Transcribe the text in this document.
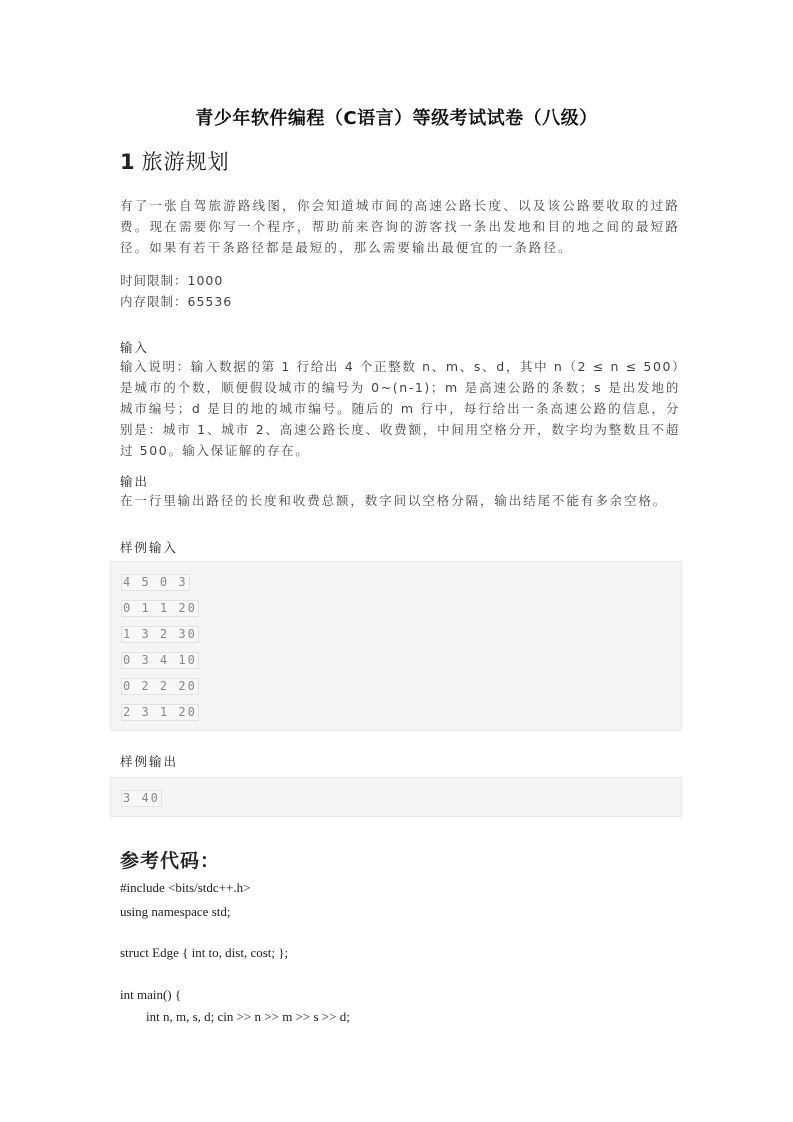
青少年软件编程（C语言）等级考试试卷（八级）
1 旅游规划
有了一张自驾旅游路线图，你会知道城市间的高速公路长度、以及该公路要收取的过路费。现在需要你写一个程序，帮助前来咨询的游客找一条出发地和目的地之间的最短路径。如果有若干条路径都是最短的，那么需要输出最便宜的一条路径。
时间限制：1000
内存限制：65536
输入
输入说明：输入数据的第 1 行给出 4 个正整数 n、m、s、d，其中 n（2 ≤ n ≤ 500）是城市的个数，顺便假设城市的编号为 0~(n-1)；m 是高速公路的条数；s 是出发地的城市编号；d 是目的地的城市编号。随后的 m 行中，每行给出一条高速公路的信息，分别是：城市 1、城市 2、高速公路长度、收费额，中间用空格分开，数字均为整数且不超过 500。输入保证解的存在。
输出
在一行里输出路径的长度和收费总额，数字间以空格分隔，输出结尾不能有多余空格。
样例输入
4 5 0 3
0 1 1 20
1 3 2 30
0 3 4 10
0 2 2 20
2 3 1 20
样例输出
3 40
参考代码：
#include <bits/stdc++.h>
using namespace std;
struct Edge { int to, dist, cost; };
int main() {
int n, m, s, d; cin >> n >> m >> s >> d;
